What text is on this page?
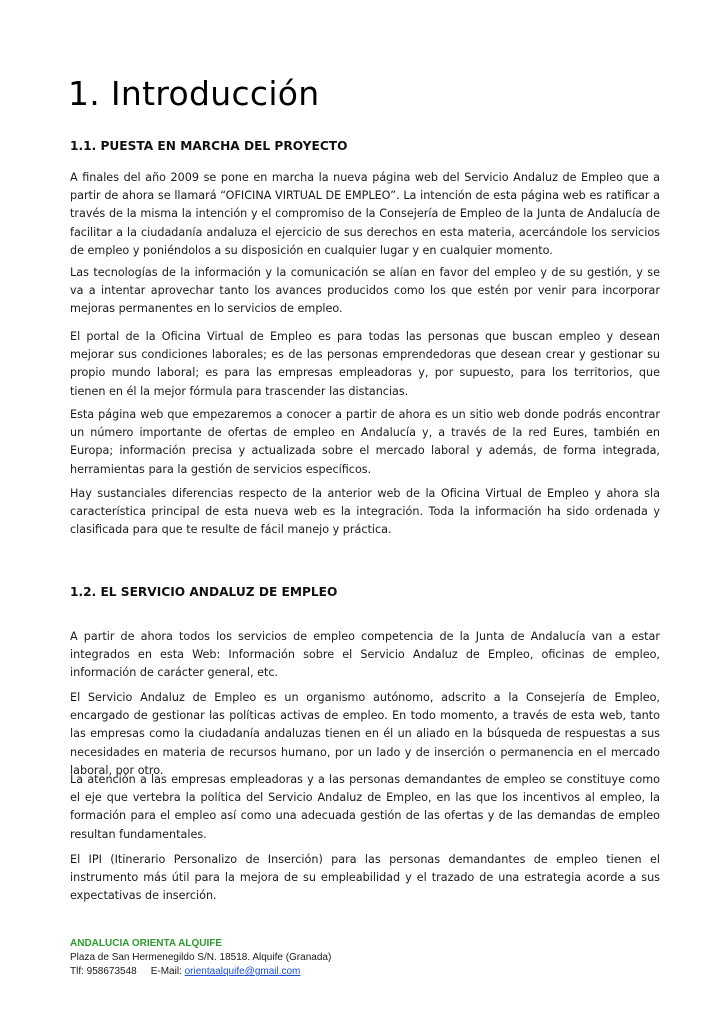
1. Introducción
1.1. PUESTA EN MARCHA DEL PROYECTO

A finales del año 2009 se pone en marcha la nueva página web del Servicio Andaluz de Empleo que a partir de ahora se llamará “OFICINA VIRTUAL DE EMPLEO”. La intención de esta página web es ratificar a través de la misma la intención y el compromiso de la Consejería de Empleo de la Junta de Andalucía de facilitar a la ciudadanía andaluza el ejercicio de sus derechos en esta materia, acercándole los servicios de empleo y poniéndolos a su disposición en cualquier lugar y en cualquier momento.

Las tecnologías de la información y la comunicación se alían en favor del empleo y de su gestión, y se va a intentar aprovechar tanto los avances producidos como los que estén por venir para incorporar mejoras permanentes en lo servicios de empleo.

El portal de la Oficina Virtual de Empleo es para todas las personas que buscan empleo y desean mejorar sus condiciones laborales; es de las personas emprendedoras que desean crear y gestionar su propio mundo laboral; es para las empresas empleadoras y, por supuesto, para los territorios, que tienen en él la mejor fórmula para trascender las distancias.

Esta página web que empezaremos a conocer a partir de ahora es un sitio web donde podrás encontrar un número importante de ofertas de empleo en Andalucía y, a través de la red Eures, también en Europa; información precisa y actualizada sobre el mercado laboral y además, de forma integrada, herramientas para la gestión de servicios específicos.

Hay sustanciales diferencias respecto de la anterior web de la Oficina Virtual de Empleo y ahora sla característica principal de esta nueva web es la integración. Toda la información ha sido ordenada y clasificada para que te resulte de fácil manejo y práctica.

1.2. EL SERVICIO ANDALUZ DE EMPLEO

A partir de ahora todos los servicios de empleo competencia de la Junta de Andalucía van a estar integrados en esta Web: Información sobre el Servicio Andaluz de Empleo, oficinas de empleo, información de carácter general, etc.

El Servicio Andaluz de Empleo es un organismo autónomo, adscrito a la Consejería de Empleo, encargado de gestionar las políticas activas de empleo. En todo momento, a través de esta web, tanto las empresas como la ciudadanía andaluzas tienen en él un aliado en la búsqueda de respuestas a sus necesidades en materia de recursos humano, por un lado y de inserción o permanencia en el mercado laboral, por otro.

La atención a las empresas empleadoras y a las personas demandantes de empleo se constituye como el eje que vertebra la política del Servicio Andaluz de Empleo, en las que los incentivos al empleo, la formación para el empleo así como una adecuada gestión de las ofertas y de las demandas de empleo resultan fundamentales.

El IPI (Itinerario Personalizo de Inserción) para las personas demandantes de empleo tienen el instrumento más útil para la mejora de su empleabilidad y el trazado de una estrategia acorde a sus expectativas de inserción.

ANDALUCIA ORIENTA ALQUIFE
Plaza de San Hermenegildo S/N. 18518. Alquife (Granada)
Tlf: 958673548 E-Mail: orientaalquife@gmail.com
